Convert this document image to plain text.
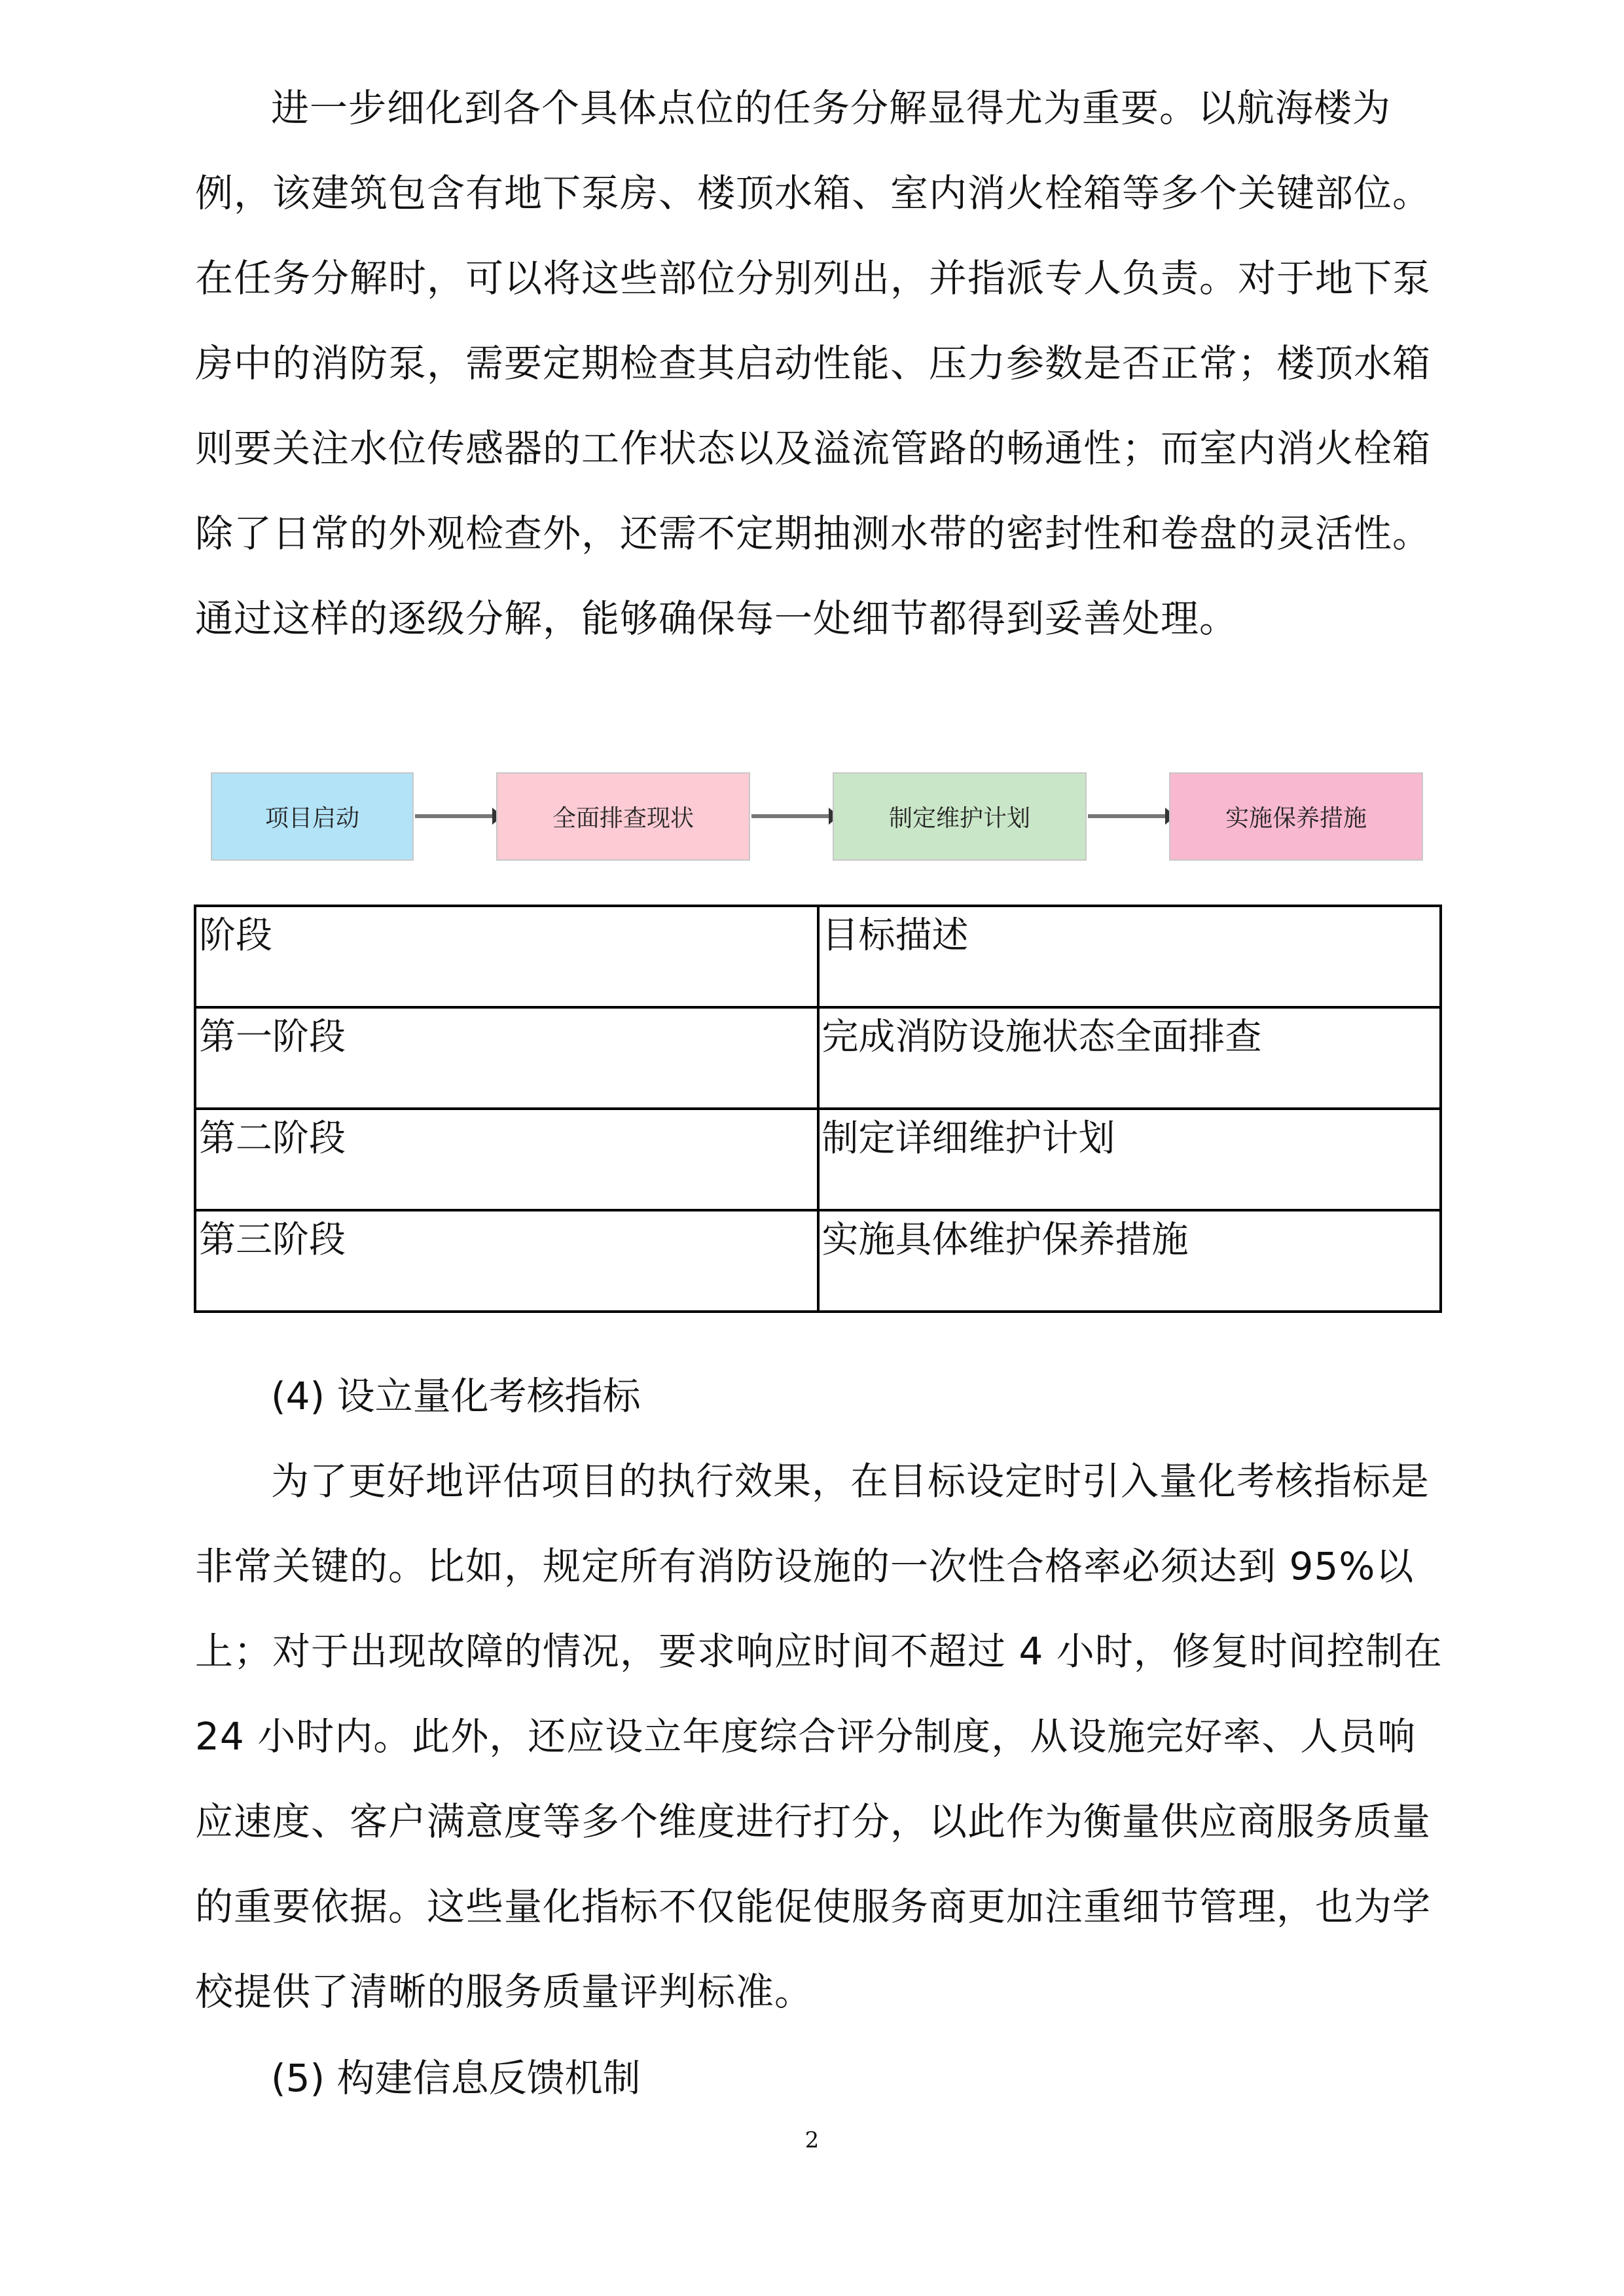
进一步细化到各个具体点位的任务分解显得尤为重要。以航海楼为
例，该建筑包含有地下泵房、楼顶水箱、室内消火栓箱等多个关键部位。
在任务分解时，可以将这些部位分别列出，并指派专人负责。对于地下泵
房中的消防泵，需要定期检查其启动性能、压力参数是否正常；楼顶水箱
则要关注水位传感器的工作状态以及溢流管路的畅通性；而室内消火栓箱
除了日常的外观检查外，还需不定期抽测水带的密封性和卷盘的灵活性。
通过这样的逐级分解，能够确保每一处细节都得到妥善处理。
项目启动	全面排查现状	制定维护计划	实施保养措施
阶段	目标描述
第一阶段	完成消防设施状态全面排查
第二阶段	制定详细维护计划
第三阶段	实施具体维护保养措施
(4) 设立量化考核指标
为了更好地评估项目的执行效果，在目标设定时引入量化考核指标是
非常关键的。比如，规定所有消防设施的一次性合格率必须达到 95%以
上；对于出现故障的情况，要求响应时间不超过 4 小时，修复时间控制在
24 小时内。此外，还应设立年度综合评分制度，从设施完好率、人员响
应速度、客户满意度等多个维度进行打分，以此作为衡量供应商服务质量
的重要依据。这些量化指标不仅能促使服务商更加注重细节管理，也为学
校提供了清晰的服务质量评判标准。
(5) 构建信息反馈机制
2
